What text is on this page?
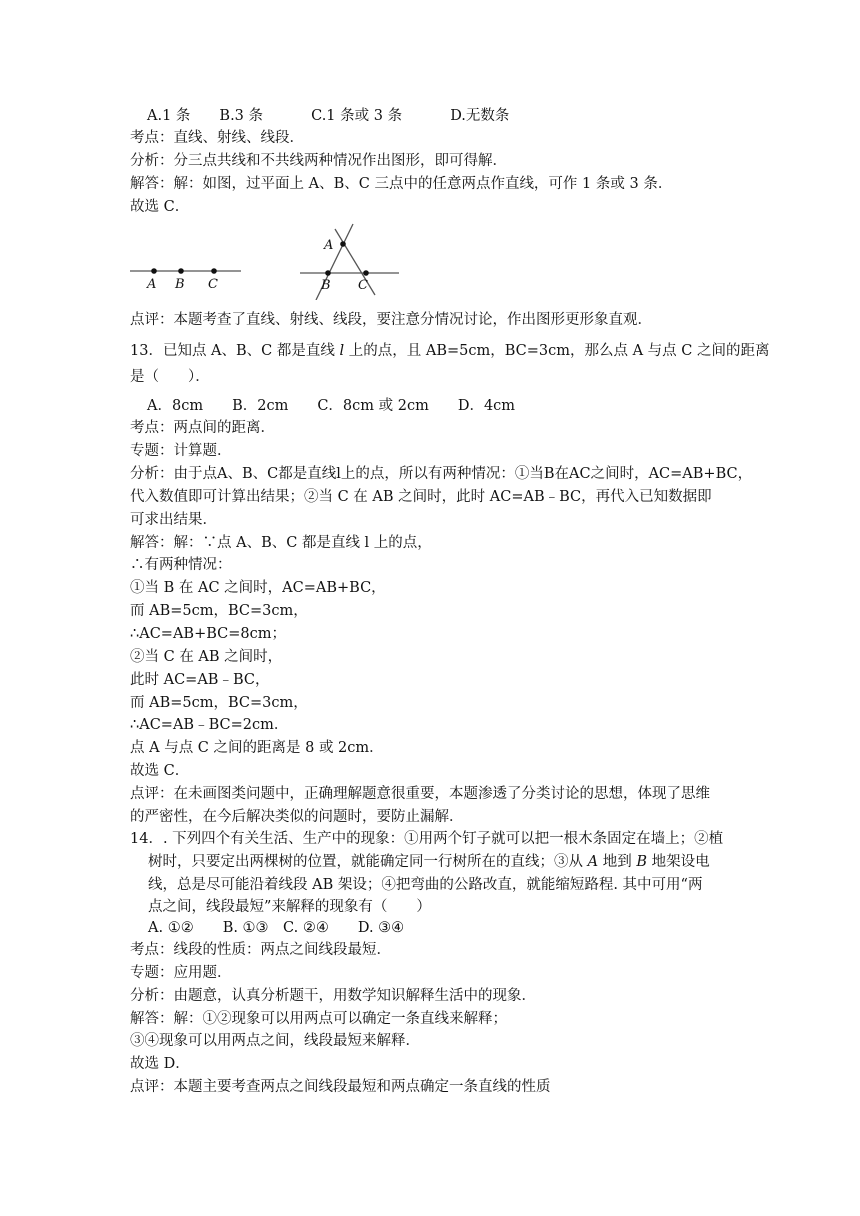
A.1 条　　B.3 条　　　 C.1 条或 3 条　　　 D.无数条
考点：直线、射线、线段．
分析：分三点共线和不共线两种情况作出图形，即可得解．
解答：解：如图，过平面上 A、B、C 三点中的任意两点作直线，可作 1 条或 3 条．
故选 C．
A B C
A
B C
点评：本题考查了直线、射线、线段，要注意分情况讨论，作出图形更形象直观．
13．已知点 A、B、C 都是直线 l 上的点，且 AB=5cm，BC=3cm，那么点 A 与点 C 之间的距离
是（　　）．
A．8cm　　B．2cm　　C．8cm 或 2cm　　D．4cm
考点：两点间的距离．
专题：计算题．
分析：由于点A、B、C都是直线l上的点，所以有两种情况：①当B在AC之间时，AC=AB+BC，
代入数值即可计算出结果；②当 C 在 AB 之间时，此时 AC=AB﹣BC，再代入已知数据即
可求出结果．
解答：解：∵点 A、B、C 都是直线 l 上的点，
∴有两种情况：
①当 B 在 AC 之间时，AC=AB+BC，
而 AB=5cm，BC=3cm，
∴AC=AB+BC=8cm；
②当 C 在 AB 之间时，
此时 AC=AB﹣BC，
而 AB=5cm，BC=3cm，
∴AC=AB﹣BC=2cm．
点 A 与点 C 之间的距离是 8 或 2cm．
故选 C．
点评：在未画图类问题中，正确理解题意很重要，本题渗透了分类讨论的思想，体现了思维
的严密性，在今后解决类似的问题时，要防止漏解．
14．. 下列四个有关生活、生产中的现象：①用两个钉子就可以把一根木条固定在墙上；②植
树时，只要定出两棵树的位置，就能确定同一行树所在的直线；③从 A 地到 B 地架设电
线，总是尽可能沿着线段 AB 架设；④把弯曲的公路改直，就能缩短路程. 其中可用“两
点之间，线段最短”来解释的现象有（　　）
A. ①②　　B. ①③　C. ②④　　D. ③④
考点：线段的性质：两点之间线段最短．
专题：应用题．
分析：由题意，认真分析题干，用数学知识解释生活中的现象．
解答：解：①②现象可以用两点可以确定一条直线来解释；
③④现象可以用两点之间，线段最短来解释．
故选 D．
点评：本题主要考查两点之间线段最短和两点确定一条直线的性质
